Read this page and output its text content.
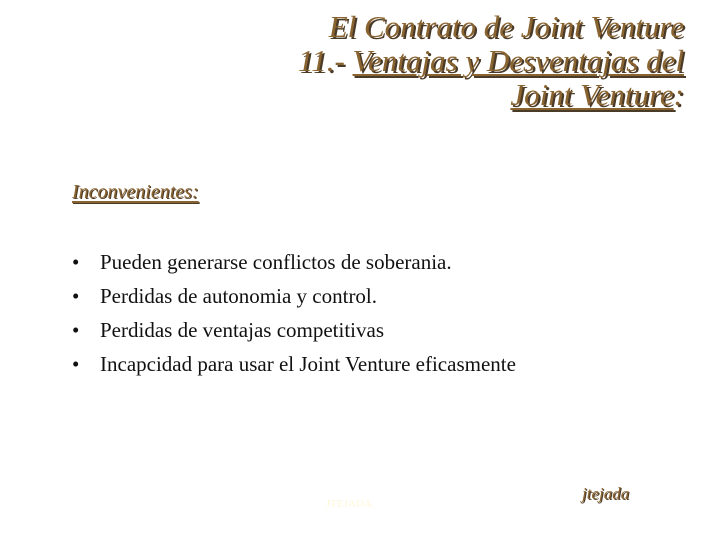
El Contrato de Joint Venture
11.- Ventajas y Desventajas del
Joint Venture:
Inconvenientes:
• Pueden generarse conflictos de soberania.
• Perdidas de autonomia y control.
• Perdidas de ventajas competitivas
• Incapcidad para usar el Joint Venture eficasmente
JTEJADA
jtejada
